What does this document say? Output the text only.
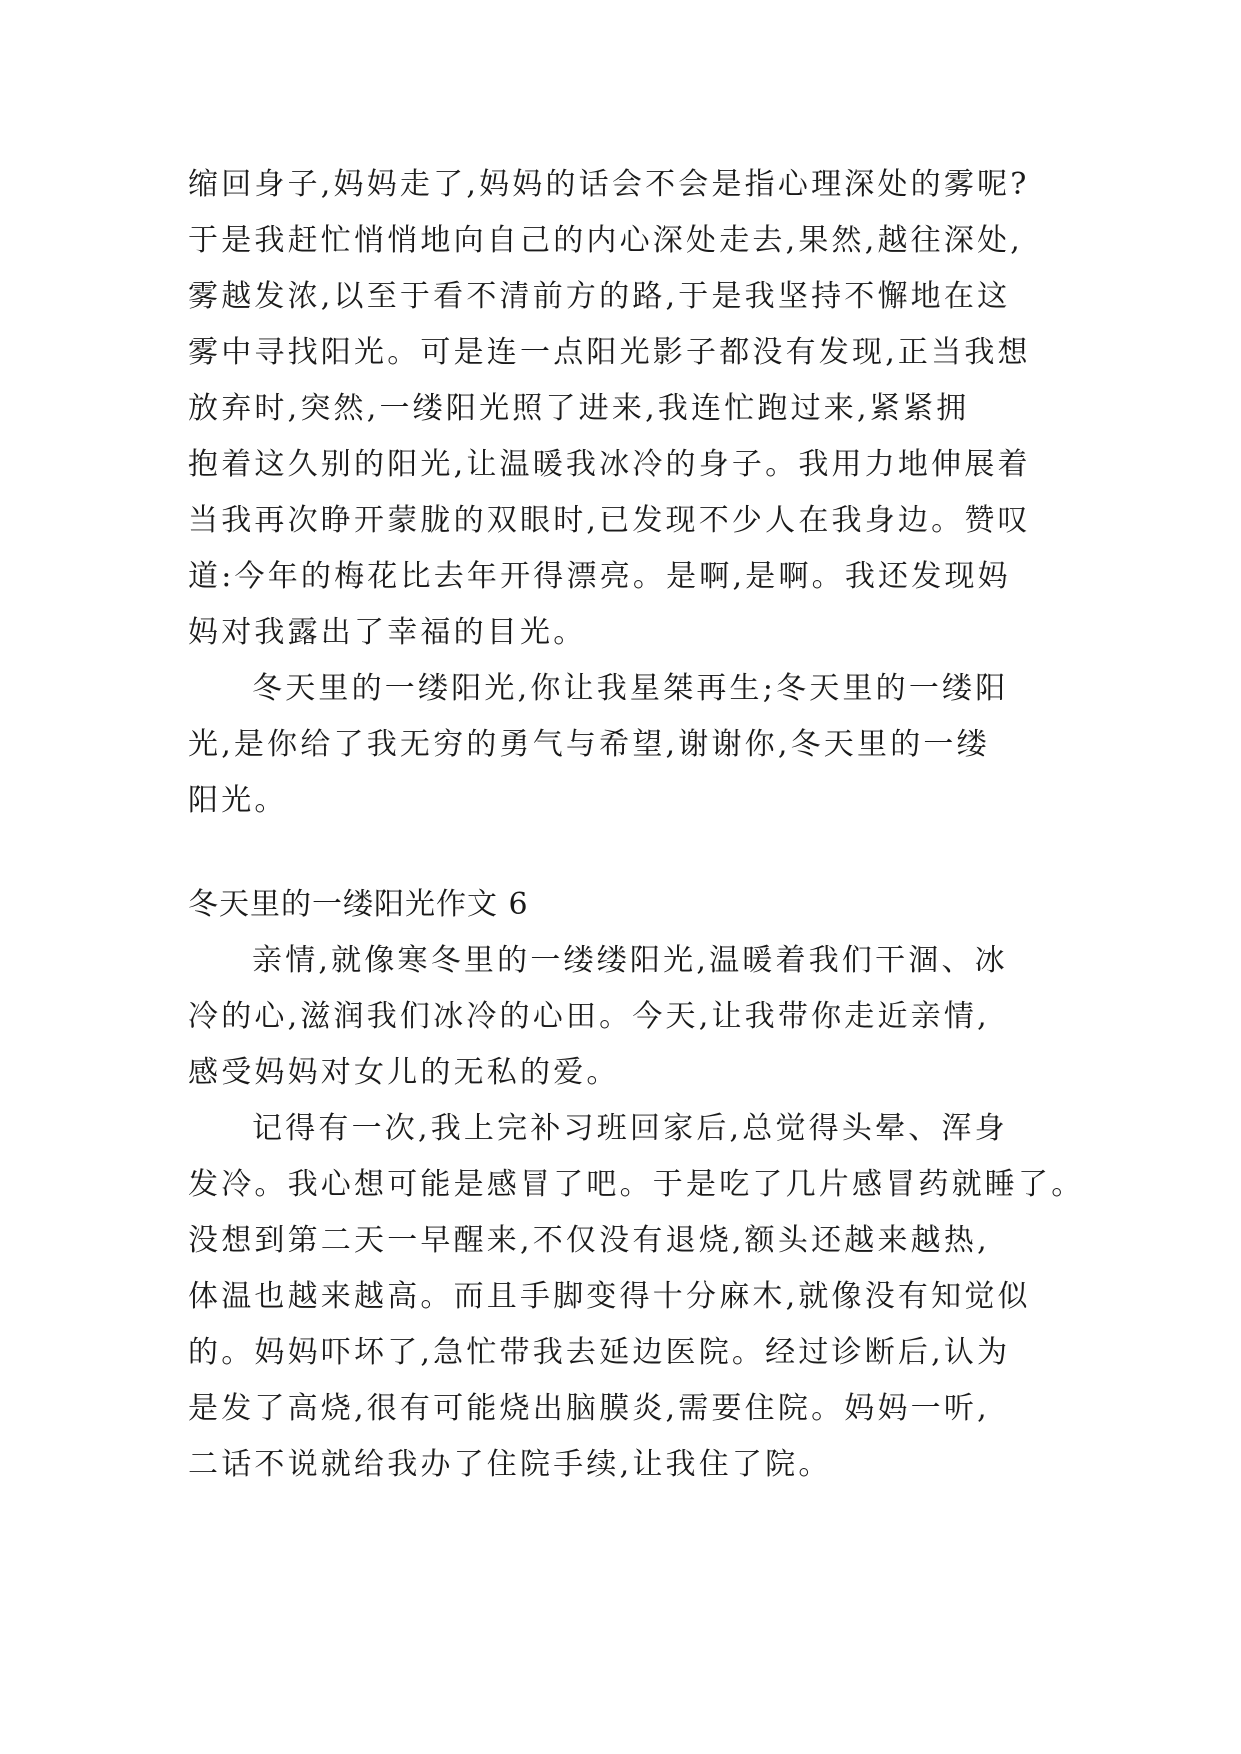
缩回身子,妈妈走了,妈妈的话会不会是指心理深处的雾呢?
于是我赶忙悄悄地向自己的内心深处走去,果然,越往深处,
雾越发浓,以至于看不清前方的路,于是我坚持不懈地在这
雾中寻找阳光。可是连一点阳光影子都没有发现,正当我想
放弃时,突然,一缕阳光照了进来,我连忙跑过来,紧紧拥
抱着这久别的阳光,让温暖我冰冷的身子。我用力地伸展着
当我再次睁开蒙胧的双眼时,已发现不少人在我身边。赞叹
道:今年的梅花比去年开得漂亮。是啊,是啊。我还发现妈
妈对我露出了幸福的目光。
冬天里的一缕阳光,你让我星桀再生;冬天里的一缕阳
光,是你给了我无穷的勇气与希望,谢谢你,冬天里的一缕
阳光。
冬天里的一缕阳光作文 6
亲情,就像寒冬里的一缕缕阳光,温暖着我们干涸、冰
冷的心,滋润我们冰冷的心田。今天,让我带你走近亲情,
感受妈妈对女儿的无私的爱。
记得有一次,我上完补习班回家后,总觉得头晕、浑身
发冷。我心想可能是感冒了吧。于是吃了几片感冒药就睡了。
没想到第二天一早醒来,不仅没有退烧,额头还越来越热,
体温也越来越高。而且手脚变得十分麻木,就像没有知觉似
的。妈妈吓坏了,急忙带我去延边医院。经过诊断后,认为
是发了高烧,很有可能烧出脑膜炎,需要住院。妈妈一听,
二话不说就给我办了住院手续,让我住了院。
